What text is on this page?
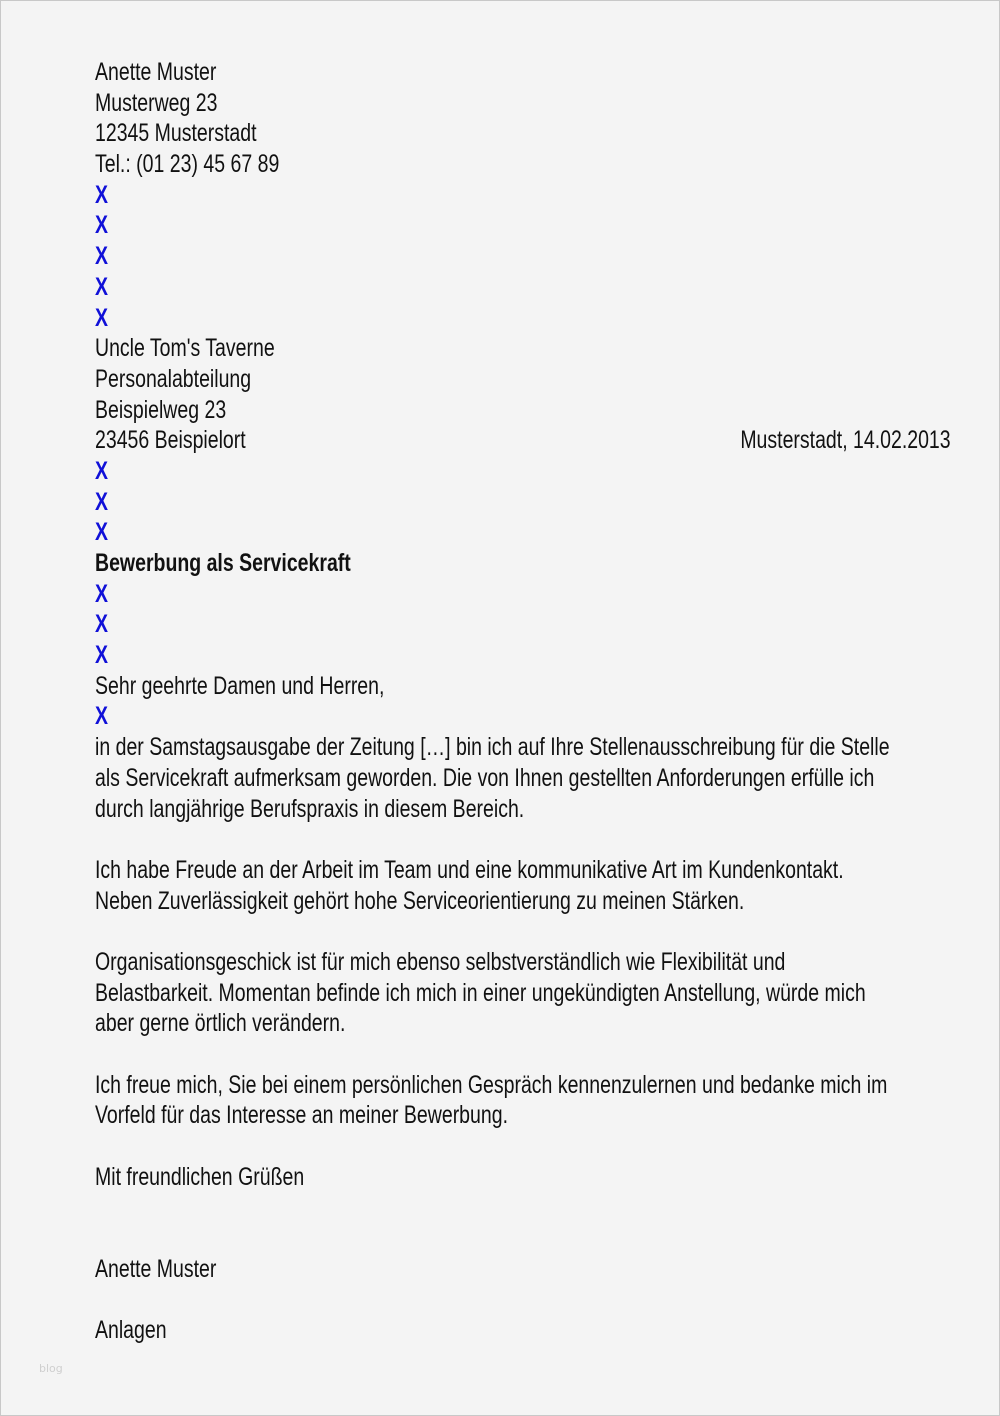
Anette Muster
Musterweg 23
12345 Musterstadt
Tel.: (01 23) 45 67 89
X
X
X
X
X
Uncle Tom's Taverne
Personalabteilung
Beispielweg 23
23456 Beispielort	Musterstadt, 14.02.2013
X
X
X
Bewerbung als Servicekraft
X
X
X
Sehr geehrte Damen und Herren,
X
in der Samstagsausgabe der Zeitung […] bin ich auf Ihre Stellenausschreibung für die Stelle
als Servicekraft aufmerksam geworden. Die von Ihnen gestellten Anforderungen erfülle ich
durch langjährige Berufspraxis in diesem Bereich.
Ich habe Freude an der Arbeit im Team und eine kommunikative Art im Kundenkontakt.
Neben Zuverlässigkeit gehört hohe Serviceorientierung zu meinen Stärken.
Organisationsgeschick ist für mich ebenso selbstverständlich wie Flexibilität und
Belastbarkeit. Momentan befinde ich mich in einer ungekündigten Anstellung, würde mich
aber gerne örtlich verändern.
Ich freue mich, Sie bei einem persönlichen Gespräch kennenzulernen und bedanke mich im
Vorfeld für das Interesse an meiner Bewerbung.
Mit freundlichen Grüßen
Anette Muster
Anlagen
blog
